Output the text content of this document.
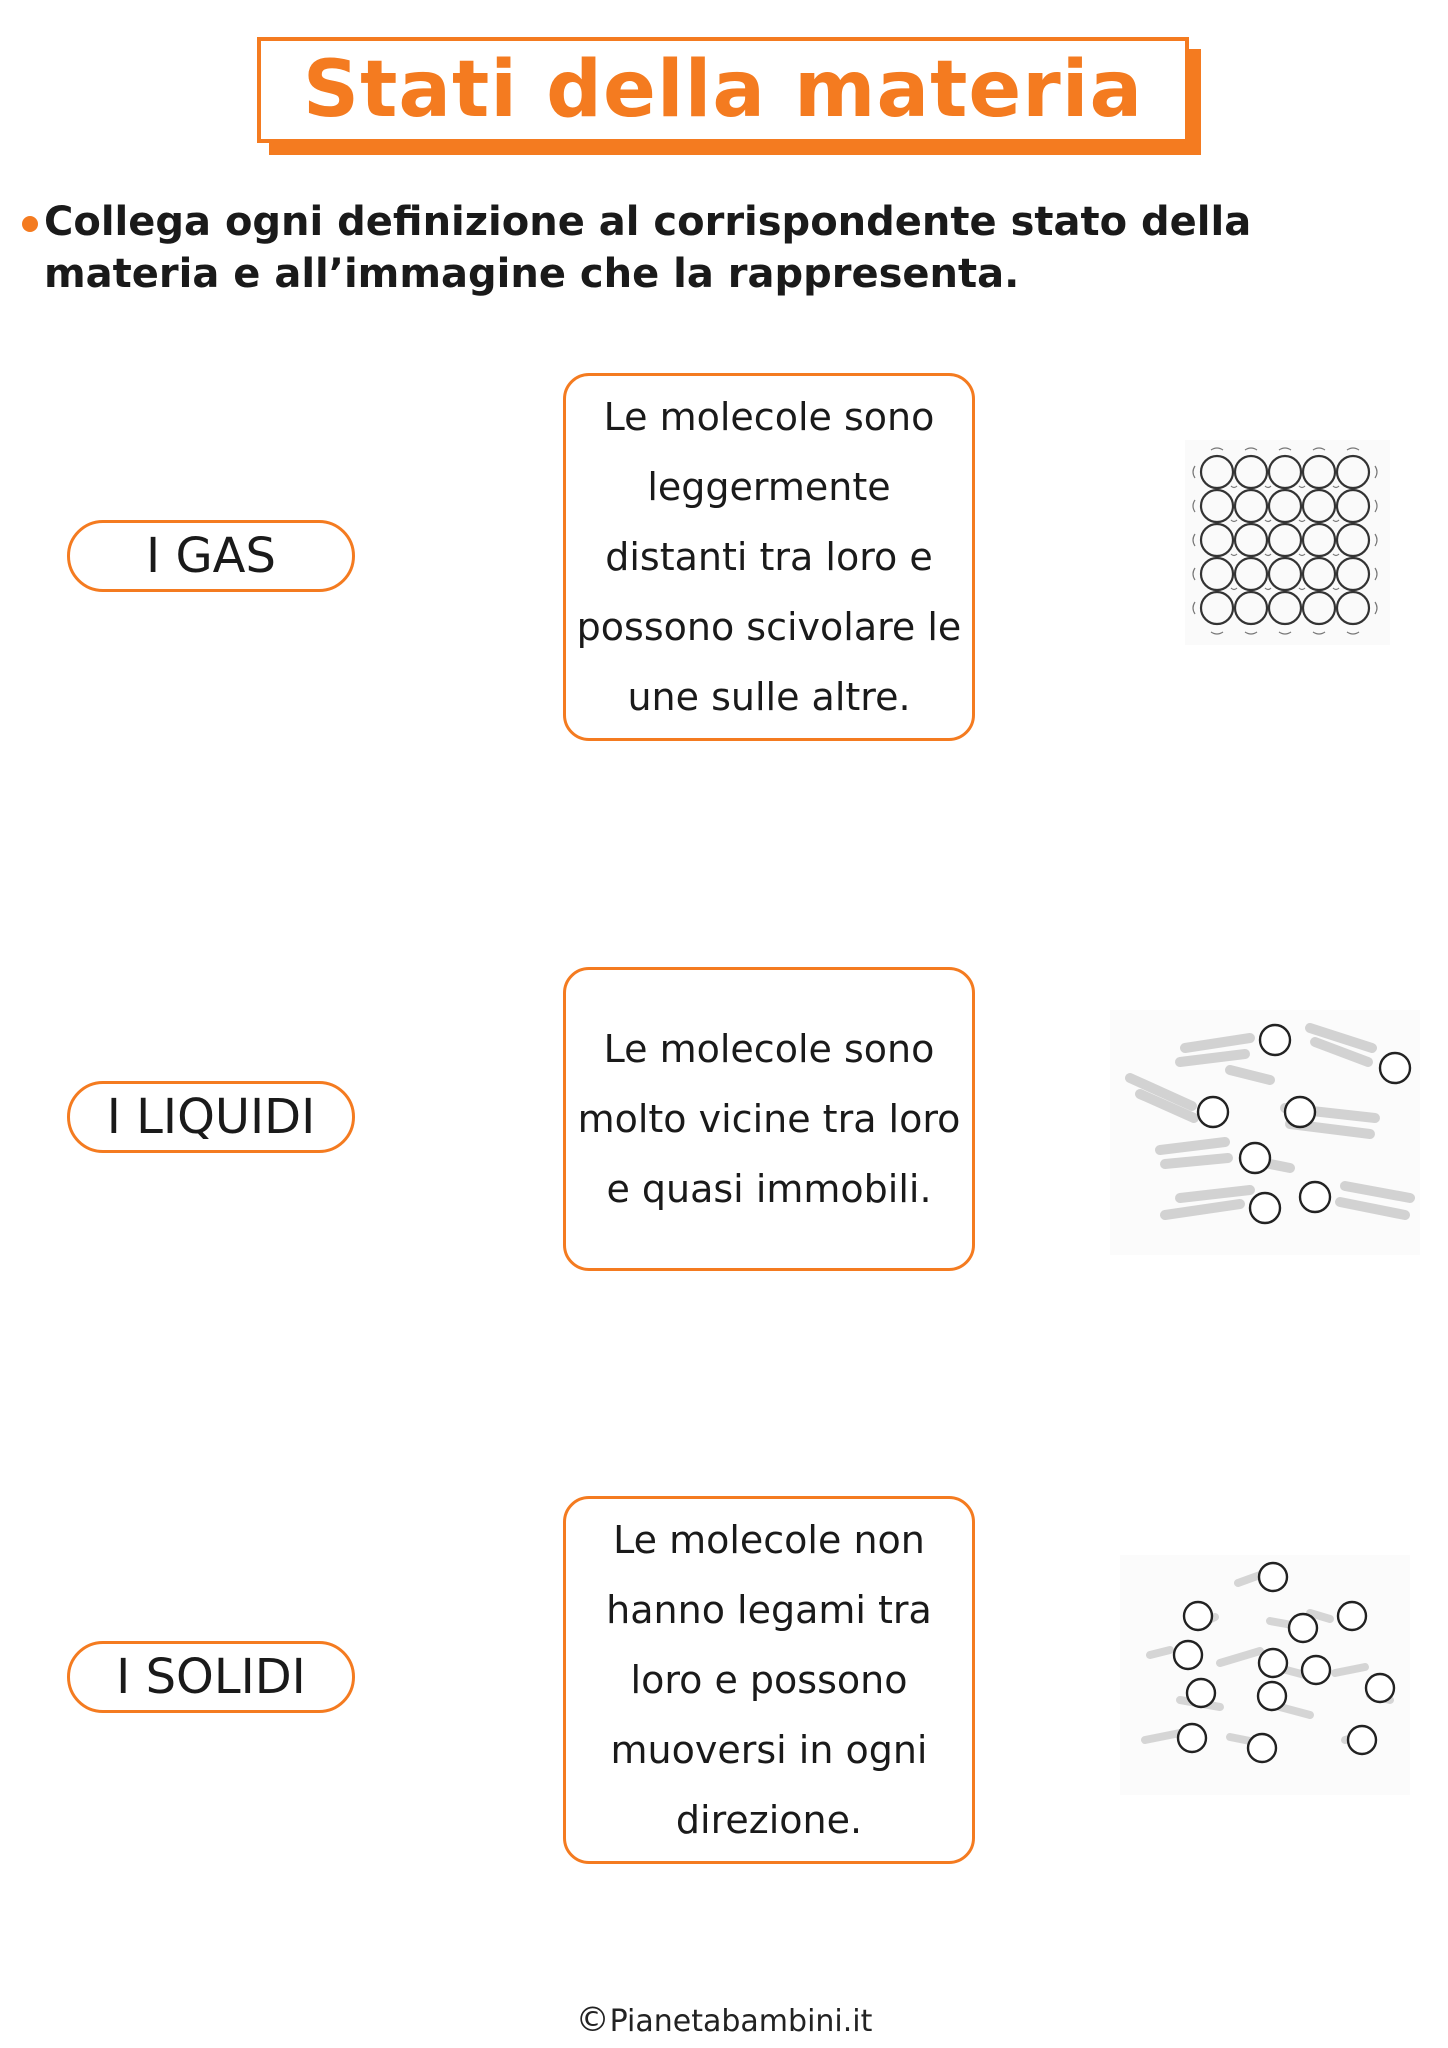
Stati della materia
Collega ogni definizione al corrispondente stato della materia e all’immagine che la rappresenta.
I GAS
I LIQUIDI
I SOLIDI
Le molecole sono leggermente distanti tra loro e possono scivolare le une sulle altre.
Le molecole sono molto vicine tra loro e quasi immobili.
Le molecole non hanno legami tra loro e possono muoversi in ogni direzione.
©Pianetabambini.it
